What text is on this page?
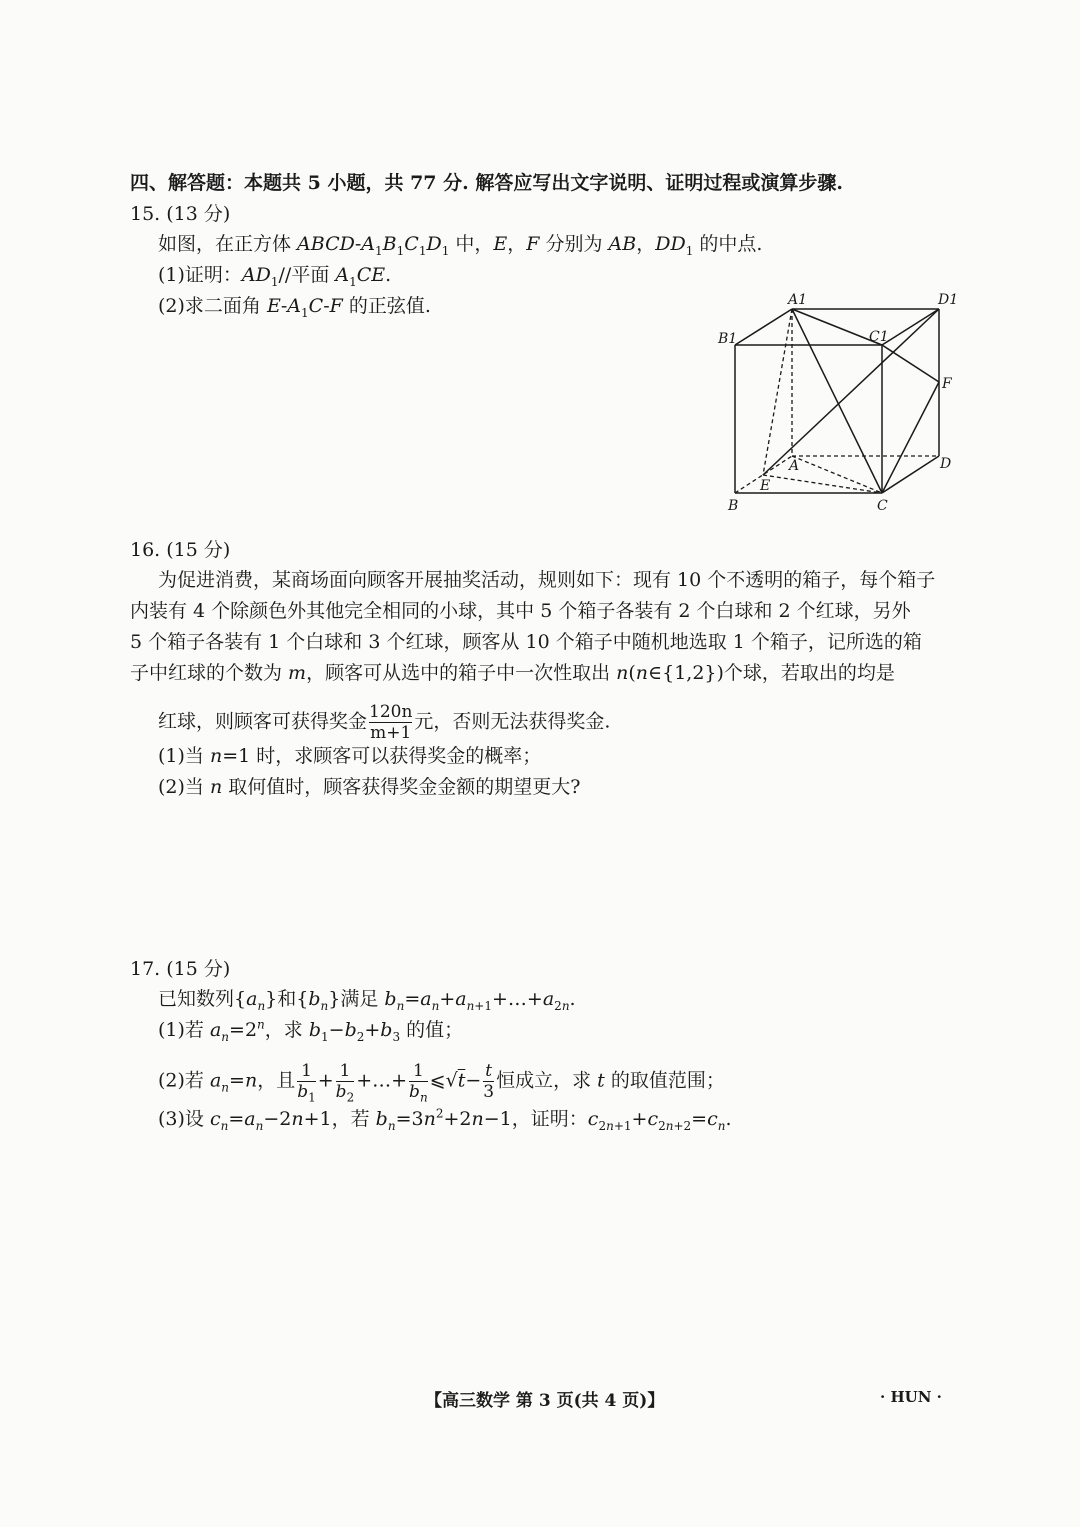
四、解答题：本题共 5 小题，共 77 分. 解答应写出文字说明、证明过程或演算步骤.
15. (13 分)
如图，在正方体 ABCD-$A_1B_1C_1D_1$ 中，E，F 分别为 AB，$DD_1$ 的中点.
(1)证明：$AD_1//$平面 $A_1CE$.
(2)求二面角 $E-A_1C-F$ 的正弦值.	A1	D1
B1	C1
F
A	D
E
B	C
16. (15 分)
为促进消费，某商场面向顾客开展抽奖活动，规则如下：现有 10 个不透明的箱子，每个箱子
内装有 4 个除颜色外其他完全相同的小球，其中 5 个箱子各装有 2 个白球和 2 个红球，另外
5 个箱子各装有 1 个白球和 3 个红球，顾客从 10 个箱子中随机地选取 1 个箱子，记所选的箱
子中红球的个数为 m，顾客可从选中的箱子中一次性取出 n(n∈{1,2})个球，若取出的均是
红球，则顾客可获得奖金 $\frac{120n}{m+1}$ 元，否则无法获得奖金.
(1)当 n=1 时，求顾客可以获得奖金的概率；
(2)当 n 取何值时，顾客获得奖金金额的期望更大?
17. (15 分)
已知数列$\{a_n\}$和$\{b_n\}$满足 $b_n=a_n+a_{n+1}+\dots+a_{2n}$.
(1)若 $a_n=2^n$，求 $b_1-b_2+b_3$ 的值；
(2)若 $a_n=n$，且 $\frac{1}{b_1} + \frac{1}{b_2}$ +…+ $\frac{1}{b_n}$ ⩽√t− $\frac{t}{3}$ 恒成立，求 t 的取值范围；
(3)设 $c_n=a_n-2n+1$，若 $b_n=3n^2+2n-1$，证明：$c_{2n+1}+c_{2n+2}=c_n$.
【高三数学 第 3 页(共 4 页)】	· HUN ·
